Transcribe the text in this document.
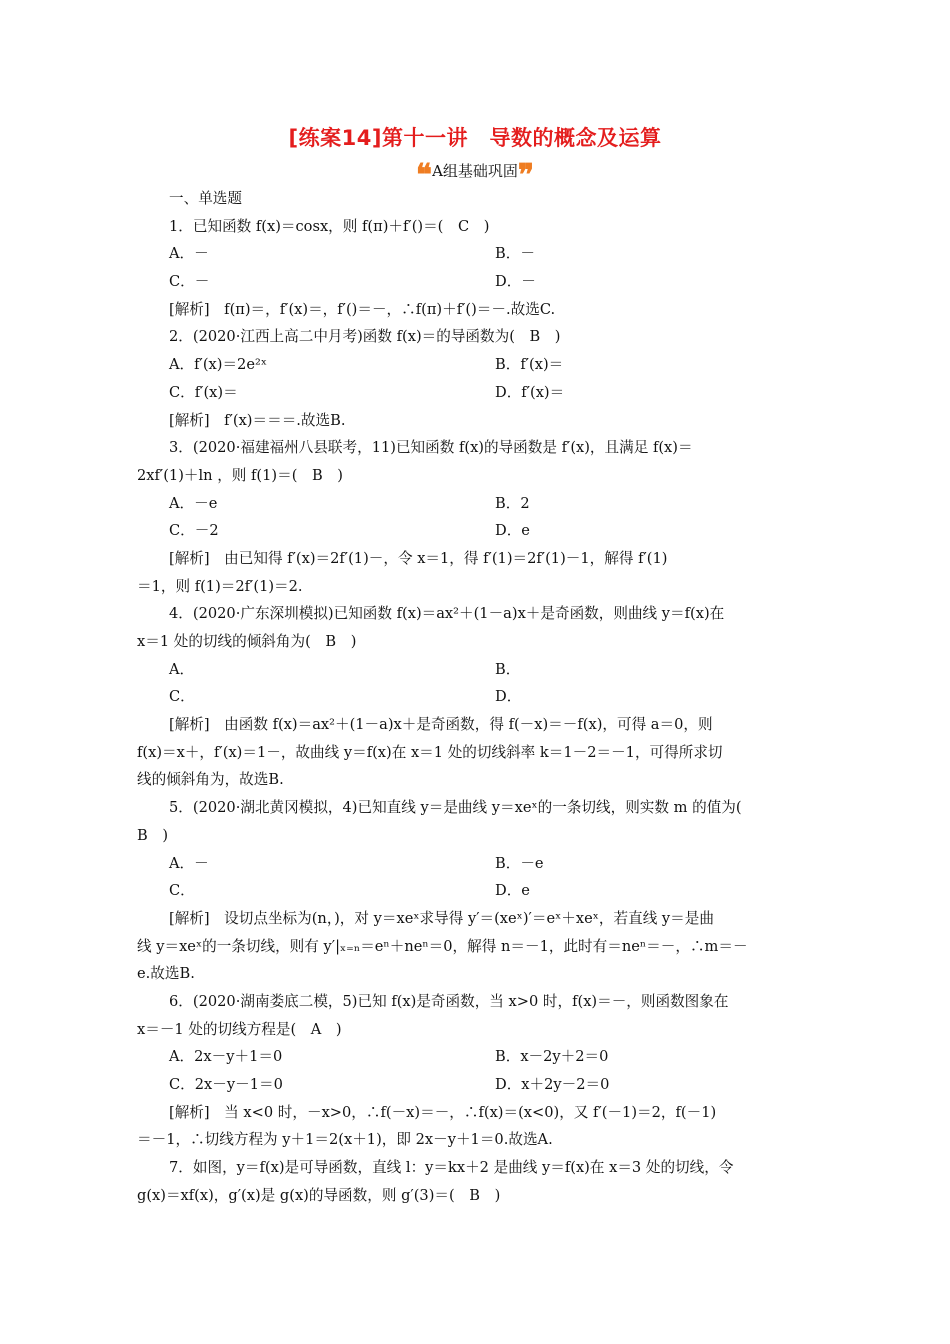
[练案14]第十一讲　导数的概念及运算
❝A组基础巩固❞
一、单选题
1．已知函数 f(x)＝cosx，则 f(π)＋f′()＝(　C　)
A．－	B．－
C．－	D．－
[解析]　f(π)＝，f′(x)＝，f′()＝－，∴f(π)＋f′()＝－.故选C.
2．(2020·江西上高二中月考)函数 f(x)＝的导函数为(　B　)
A．f′(x)＝2e²ˣ	B．f′(x)＝
C．f′(x)＝	D．f′(x)＝
[解析]　f′(x)＝＝＝.故选B.
3．(2020·福建福州八县联考，11)已知函数 f(x)的导函数是 f′(x)，且满足 f(x)＝
2xf′(1)＋ln ，则 f(1)＝(　B　)
A．－e	B．2
C．－2	D．e
[解析]　由已知得 f′(x)＝2f′(1)－，令 x＝1，得 f′(1)＝2f′(1)－1，解得 f′(1)
＝1，则 f(1)＝2f′(1)＝2.
4．(2020·广东深圳模拟)已知函数 f(x)＝ax²＋(1－a)x＋是奇函数，则曲线 y＝f(x)在
x＝1 处的切线的倾斜角为(　B　)
A．	B．
C．	D．
[解析]　由函数 f(x)＝ax²＋(1－a)x＋是奇函数，得 f(－x)＝－f(x)，可得 a＝0，则
f(x)＝x＋，f′(x)＝1－，故曲线 y＝f(x)在 x＝1 处的切线斜率 k＝1－2＝－1，可得所求切
线的倾斜角为，故选B.
5．(2020·湖北黄冈模拟，4)已知直线 y＝是曲线 y＝xeˣ的一条切线，则实数 m 的值为(
B　)
A．－	B．－e
C．	D．e
[解析]　设切点坐标为(n，)，对 y＝xeˣ求导得 y′＝(xeˣ)′＝eˣ＋xeˣ，若直线 y＝是曲
线 y＝xeˣ的一条切线，则有 y′|ₓ₌ₙ＝eⁿ＋neⁿ＝0，解得 n＝－1，此时有＝neⁿ＝－，∴m＝－
e.故选B.
6．(2020·湖南娄底二模，5)已知 f(x)是奇函数，当 x>0 时，f(x)＝－，则函数图象在
x＝－1 处的切线方程是(　A　)
A．2x－y＋1＝0	B．x－2y＋2＝0
C．2x－y－1＝0	D．x＋2y－2＝0
[解析]　当 x<0 时，－x>0，∴f(－x)＝－，∴f(x)＝(x<0)，又 f′(－1)＝2，f(－1)
＝－1，∴切线方程为 y＋1＝2(x＋1)，即 2x－y＋1＝0.故选A.
7．如图，y＝f(x)是可导函数，直线 l：y＝kx＋2 是曲线 y＝f(x)在 x＝3 处的切线，令
g(x)＝xf(x)，g′(x)是 g(x)的导函数，则 g′(3)＝(　B　)
